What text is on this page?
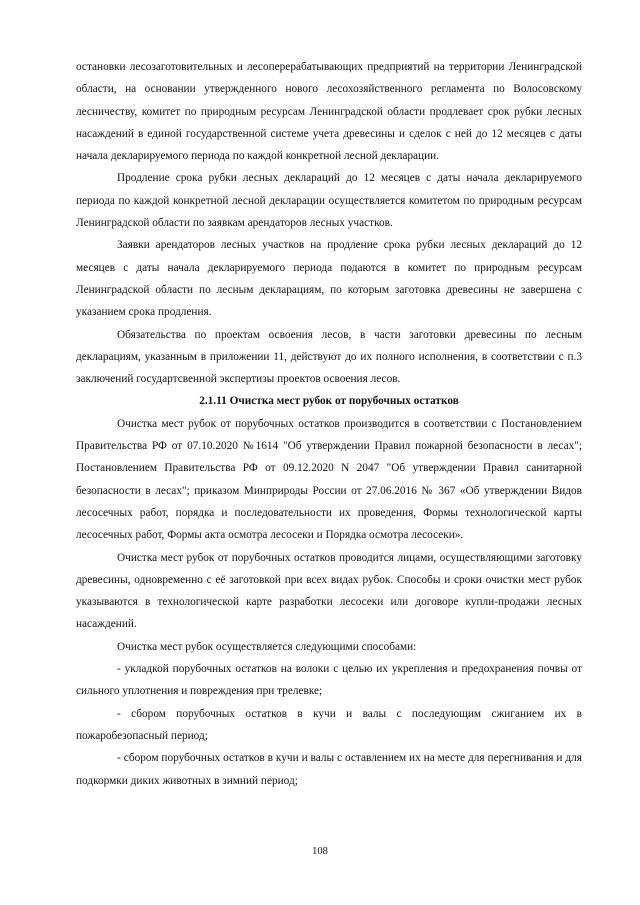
остановки лесозаготовительных и лесоперерабатывающих предприятий на территории Ленинградской области, на основании утвержденного нового лесохозяйственного регламента по Волосовскому лесничеству, комитет по природным ресурсам Ленинградской области продлевает срок рубки лесных насаждений в единой государственной системе учета древесины и сделок с ней до 12 месяцев с даты начала декларируемого периода по каждой конкретной лесной декларации.

Продление срока рубки лесных деклараций до 12 месяцев с даты начала декларируемого периода по каждой конкретной лесной декларации осуществляется комитетом по природным ресурсам Ленинградской области по заявкам арендаторов лесных участков.

Заявки арендаторов лесных участков на продление срока рубки лесных деклараций до 12 месяцев с даты начала декларируемого периода подаются в комитет по природным ресурсам Ленинградской области по лесным декларациям, по которым заготовка древесины не завершена с указанием срока продления.

Обязательства по проектам освоения лесов, в части заготовки древесины по лесным декларациям, указанным в приложении 11, действуют до их полного исполнения, в соответствии с п.3 заключений государтсвенной экспертизы проектов освоения лесов.

2.1.11 Очистка мест рубок от порубочных остатков

Очистка мест рубок от порубочных остатков производится в соответствии с Постановлением Правительства РФ от 07.10.2020 №1614 "Об утверждении Правил пожарной безопасности в лесах"; Постановлением Правительства РФ от 09.12.2020 N 2047 "Об утверждении Правил санитарной безопасности в лесах"; приказом Минприроды России от 27.06.2016 № 367 «Об утверждении Видов лесосечных работ, порядка и последовательности их проведения, Формы технологической карты лесосечных работ, Формы акта осмотра лесосеки и Порядка осмотра лесосеки».

Очистка мест рубок от порубочных остатков проводится лицами, осуществляющими заготовку древесины, одновременно с её заготовкой при всех видах рубок. Способы и сроки очистки мест рубок указываются в технологической карте разработки лесосеки или договоре купли-продажи лесных насаждений.

Очистка мест рубок осуществляется следующими способами:

- укладкой порубочных остатков на волоки с целью их укрепления и предохранения почвы от сильного уплотнения и повреждения при трелевке;

- сбором порубочных остатков в кучи и валы с последующим сжиганием их в пожаробезопасный период;

- сбором порубочных остатков в кучи и валы с оставлением их на месте для перегнивания и для подкормки диких животных в зимний период;

108
